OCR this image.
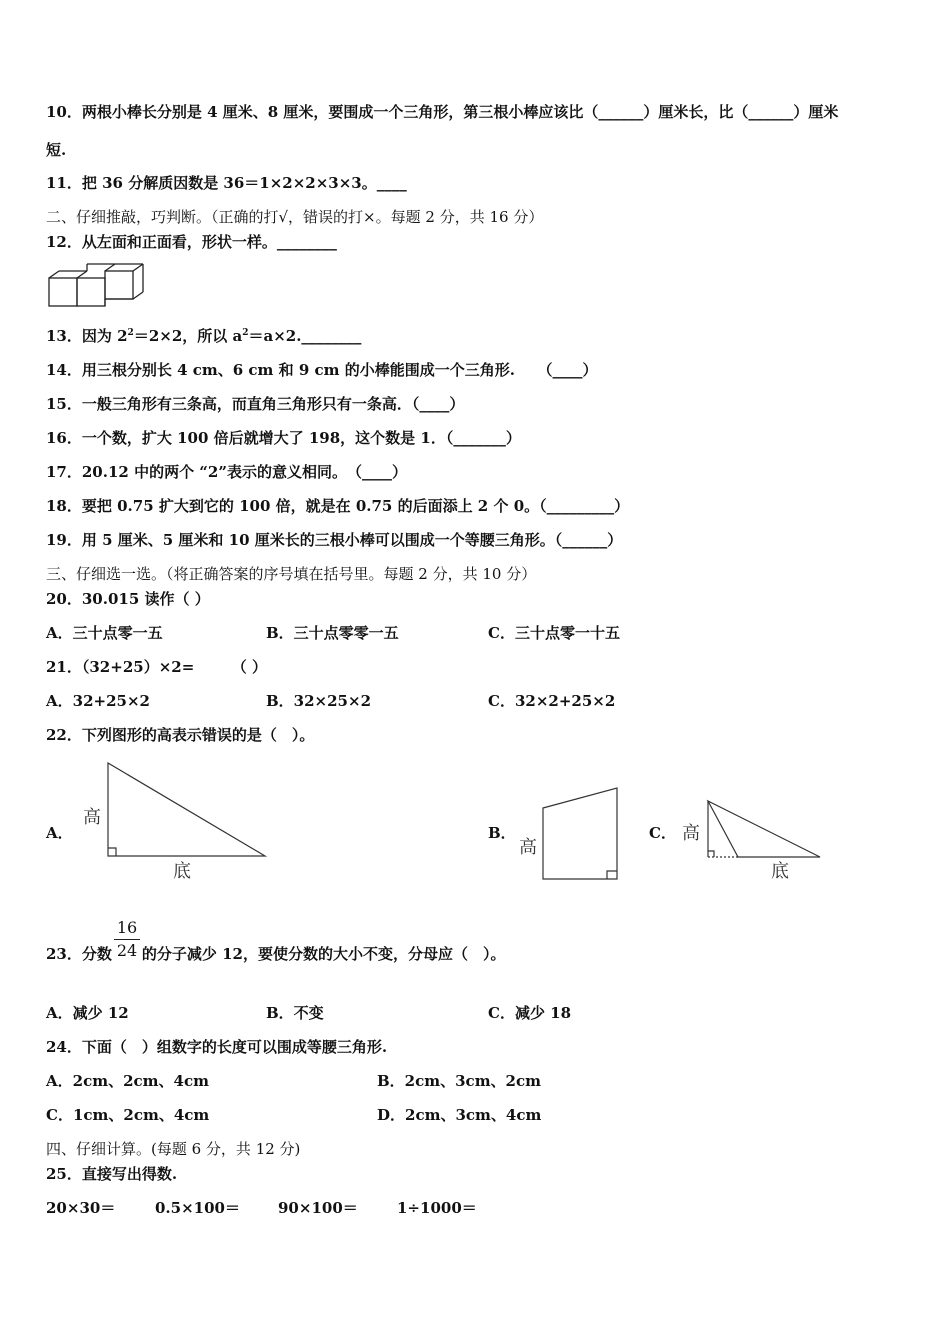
10．两根小棒长分别是 4 厘米、8 厘米，要围成一个三角形，第三根小棒应该比（______）厘米长，比（______）厘米
短.
11．把 36 分解质因数是 36＝1×2×2×3×3。____
二、仔细推敲，巧判断。（正确的打√，错误的打×。每题 2 分，共 16 分）
12．从左面和正面看，形状一样。________
13．因为 $2^2=2\times 2$，所以 $a^2=a\times 2.\_\_\_\_\_\_\_\_$
14．用三根分别长 4 cm、6 cm 和 9 cm 的小棒能围成一个三角形.　　（____）
15．一般三角形有三条高，而直角三角形只有一条高．（____）
16．一个数，扩大 100 倍后就增大了 198，这个数是 1．（_______）
17．20.12 中的两个 “2”表示的意义相同。　（____）
18．要把 0.75 扩大到它的 100 倍，就是在 0.75 的后面添上 2 个 0。（_________）
19．用 5 厘米、5 厘米和 10 厘米长的三根小棒可以围成一个等腰三角形。（______）
三、仔细选一选。（将正确答案的序号填在括号里。每题 2 分，共 10 分）
20．30.015 读作（ ）
A．三十点零一五	B．三十点零零一五	C．三十点零一十五
21．（32+25）×2=　　　（ ）
A．32+25×2	B．32×25×2	C．32×2+25×2
22．下列图形的高表示错误的是（　）。
A．
高
底
B．
高
C． 高
底
23．分数 的分子减少 12，要使分数的大小不变，分母应（　）。
16
24
A．减少 12	B．不变	C．减少 18
24．下面（　）组数字的长度可以围成等腰三角形.
A．2cm、2cm、4cm	B．2cm、3cm、2cm
C．1cm、2cm、4cm	D．2cm、3cm、4cm
四、仔细计算。(每题 6 分，共 12 分)
25．直接写出得数.
20×30＝	0.5×100＝	90×100＝	1÷1000＝
